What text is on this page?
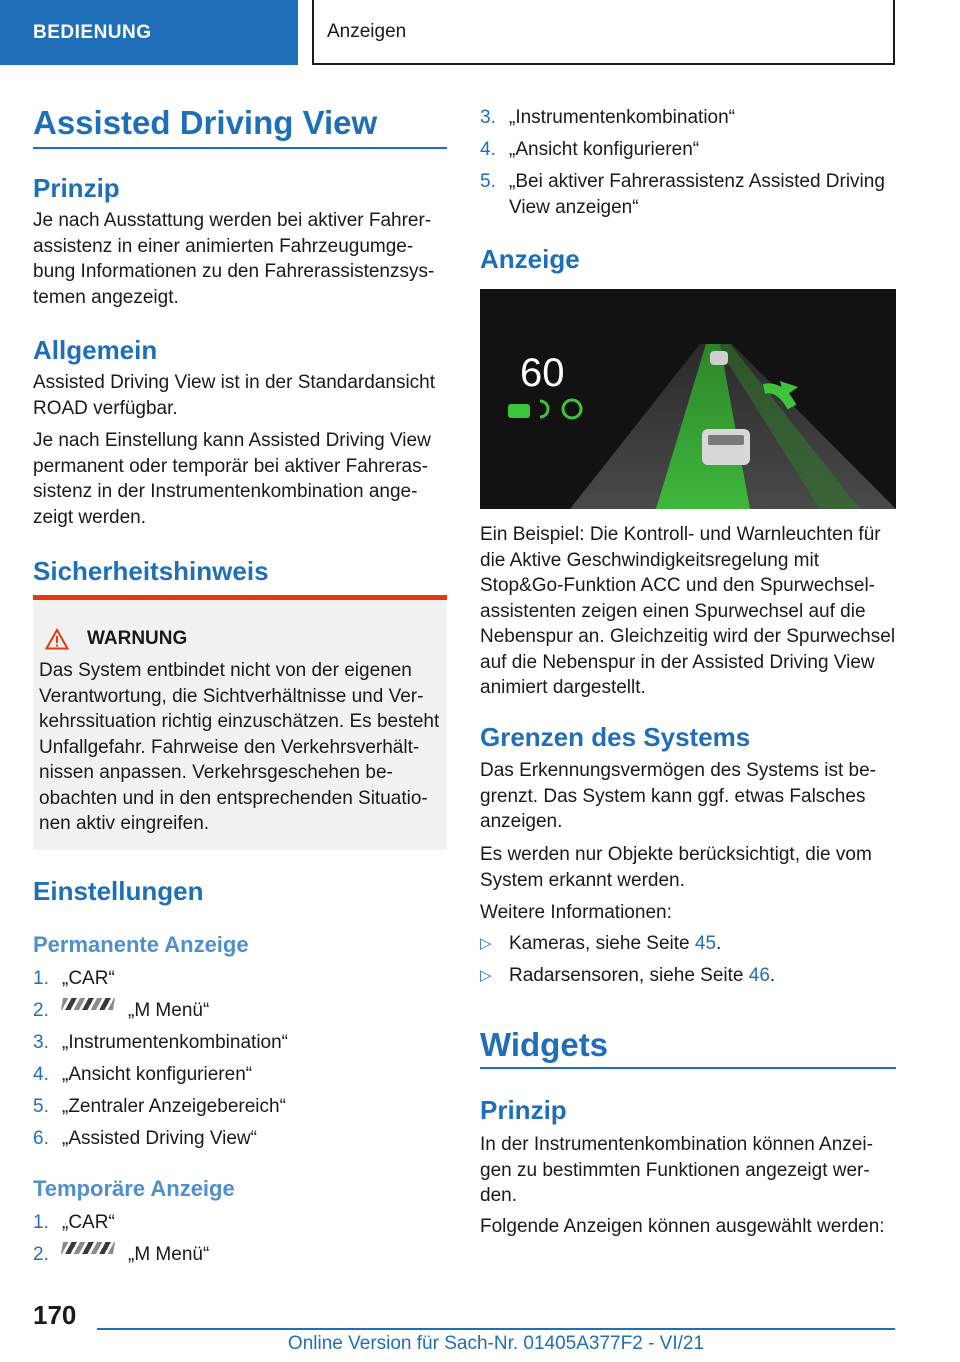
BEDIENUNG	Anzeigen
Assisted Driving View
Prinzip
Je nach Ausstattung werden bei aktiver Fahrer-assistenz in einer animierten Fahrzeugumge-bung Informationen zu den Fahrerassistenzsys-temen angezeigt.
Allgemein
Assisted Driving View ist in der Standardansicht ROAD verfügbar.
Je nach Einstellung kann Assisted Driving View permanent oder temporär bei aktiver Fahreras-sistenz in der Instrumentenkombination ange-zeigt werden.
Sicherheitshinweis
WARNUNG
Das System entbindet nicht von der eigenen Verantwortung, die Sichtverhältnisse und Ver-kehrssituation richtig einzuschätzen. Es besteht Unfallgefahr. Fahrweise den Verkehrsverhält-nissen anpassen. Verkehrsgeschehen be-obachten und in den entsprechenden Situatio-nen aktiv eingreifen.
Einstellungen
Permanente Anzeige
1. „CAR“
2.	„M Menü“
3. „Instrumentenkombination“
4. „Ansicht konfigurieren“
5. „Zentraler Anzeigebereich“
6. „Assisted Driving View“
Temporäre Anzeige
1. „CAR“
2.	„M Menü“
3. „Instrumentenkombination“
4. „Ansicht konfigurieren“
5. „Bei aktiver Fahrerassistenz Assisted Driving View anzeigen“
Anzeige
60
Ein Beispiel: Die Kontroll- und Warnleuchten für die Aktive Geschwindigkeitsregelung mit Stop&Go-Funktion ACC und den Spurwechsel-assistenten zeigen einen Spurwechsel auf die Nebenspur an. Gleichzeitig wird der Spurwechsel auf die Nebenspur in der Assisted Driving View animiert dargestellt.
Grenzen des Systems
Das Erkennungsvermögen des Systems ist be-grenzt. Das System kann ggf. etwas Falsches anzeigen.
Es werden nur Objekte berücksichtigt, die vom System erkannt werden.
Weitere Informationen:
▷ Kameras, siehe Seite 45.
▷ Radarsensoren, siehe Seite 46.
Widgets
Prinzip
In der Instrumentenkombination können Anzei-gen zu bestimmten Funktionen angezeigt wer-den.
Folgende Anzeigen können ausgewählt werden:
170
Online Version für Sach-Nr. 01405A377F2 - VI/21
